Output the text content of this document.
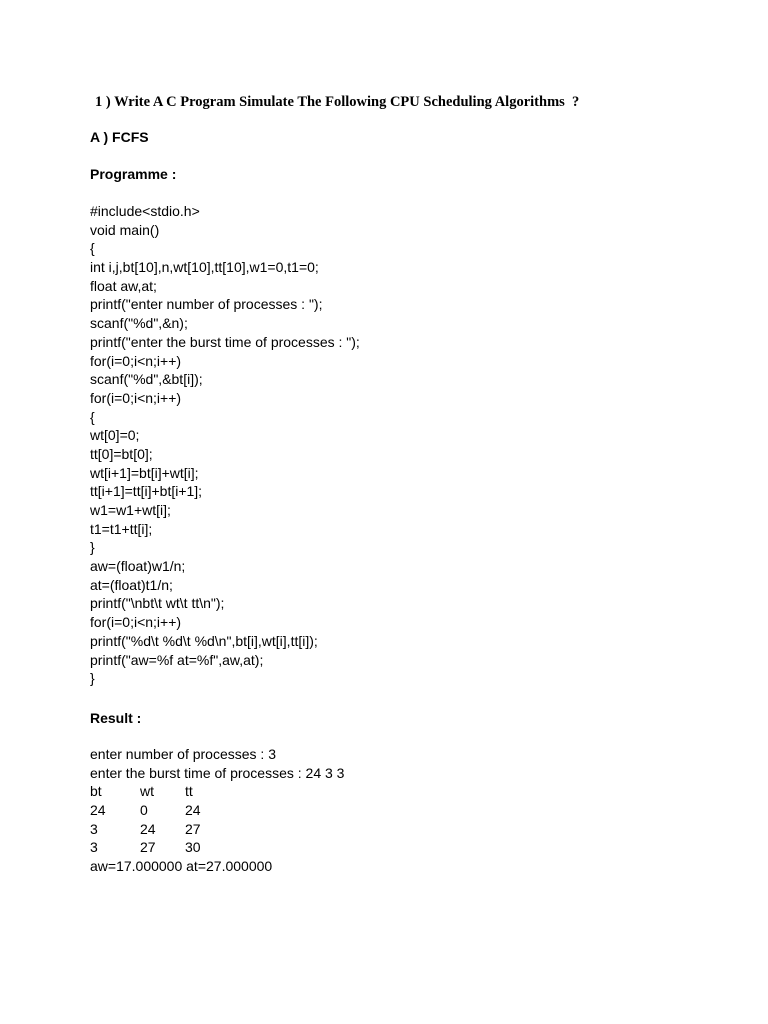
1 ) Write A C Program Simulate The Following CPU Scheduling Algorithms  ?
A ) FCFS
Programme :
#include<stdio.h>
void main()
{
int i,j,bt[10],n,wt[10],tt[10],w1=0,t1=0;
float aw,at;
printf("enter number of processes : ");
scanf("%d",&n);
printf("enter the burst time of processes : ");
for(i=0;i<n;i++)
scanf("%d",&bt[i]);
for(i=0;i<n;i++)
{
wt[0]=0;
tt[0]=bt[0];
wt[i+1]=bt[i]+wt[i];
tt[i+1]=tt[i]+bt[i+1];
w1=w1+wt[i];
t1=t1+tt[i];
}
aw=(float)w1/n;
at=(float)t1/n;
printf("\nbt\t wt\t tt\n");
for(i=0;i<n;i++)
printf("%d\t %d\t %d\n",bt[i],wt[i],tt[i]);
printf("aw=%f at=%f",aw,at);
}
Result :
enter number of processes : 3
enter the burst time of processes : 24 3 3
bt	wt tt
24 0	24
3	24 27
3	27 30
aw=17.000000 at=27.000000
